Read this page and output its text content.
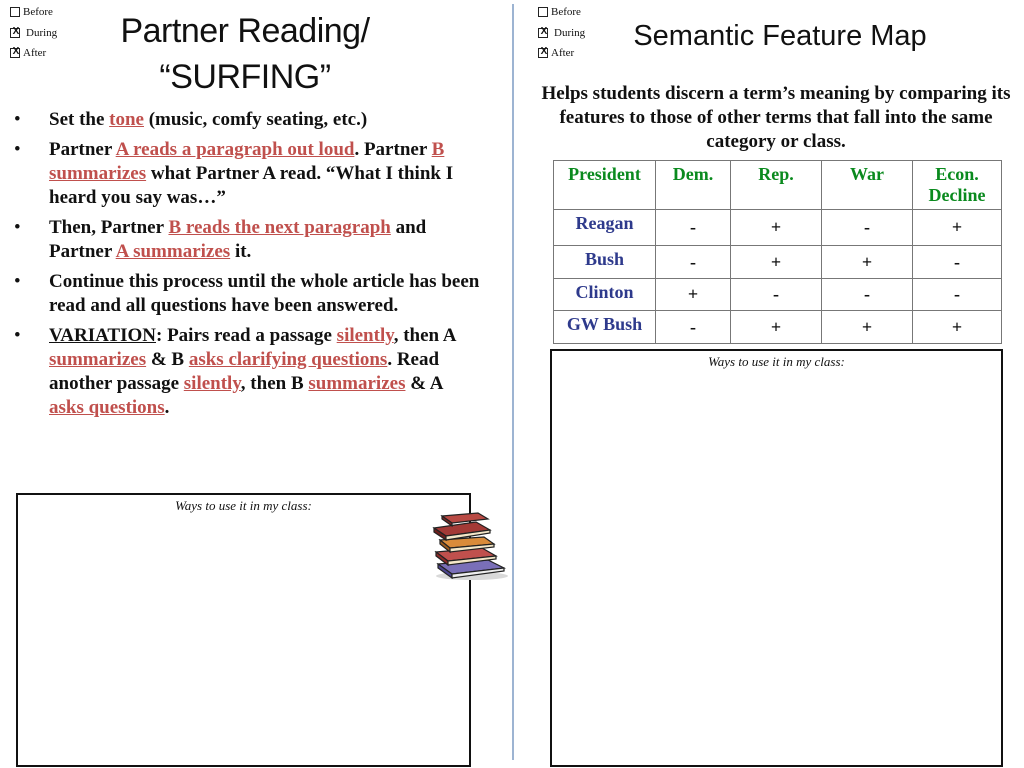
Before
X
During
X
After
Partner Reading/
“SURFING”
• Set the tone (music, comfy seating, etc.)
• Partner A reads a paragraph out loud. Partner B summarizes what Partner A read. “What I think I heard you say was…”
• Then, Partner B reads the next paragraph and Partner A summarizes it.
• Continue this process until the whole article has been read and all questions have been answered.
• VARIATION: Pairs read a passage silently, then A summarizes & B asks clarifying questions. Read another passage silently, then B summarizes & A asks questions.
Ways to use it in my class:
Before
X
During
X
After
Semantic Feature Map
Helps students discern a term’s meaning by comparing its features to those of other terms that fall into the same category or class.
President	Dem.	Rep.	War	Econ. Decline
Reagan	-	+	-	+
Bush	-	+	+	-
Clinton	+	-	-	-
GW Bush	-	+	+	+
Ways to use it in my class:
